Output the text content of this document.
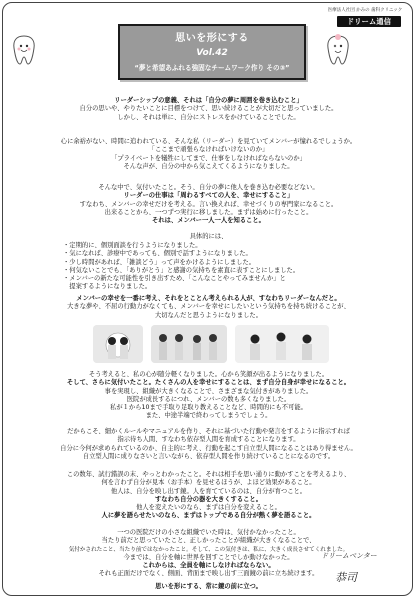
医療法人社団 かみの 歯科クリニック
ドリーム通信
思いを形にする
Vol.42
“夢と希望あふれる強固なチームワーク作り その③”
リーダーシップの意義、それは「自分の夢に周囲を巻き込むこと」
自分の思いや、やりたいことに目標をつけて、思い続けることが大切だと思っていました。
しかし、それは単に、自分にストレスをかけていることでした。
心に余裕がない、時間に追われている、そんな私（リーダー）を見ていてメンバーが憧れるでしょうか。
「ここまで頑張らなければいけないのか」
「プライベートを犠牲にしてまで、仕事をしなければならないのか」
そんな声が、自分の中から気こえてくるようになりました。
そんな中で、気付いたこと。そう、自分の夢に他人を巻き込む必要などない。
リーダーの仕事は「周わるすべての人を、幸せにすること」
すなわち、メンバーの幸せだけを考える。言い換えれば、幸せづくりの専門家になること。
出来ることから、一つずつ実行に移しました。まずは始めに行ったこと。
それは、メンバー一人一人を知ること。
具体的には、
・定期的に、個別面談を行うようになりました。
・気になれば、診療中であっても、個別で話すようになりました。
・少し時間があれば、「雑談どう」って声をかけるようにしました。
・何気ないことでも、「ありがとう」と感謝の気持ちを素直に表すことにしました。
・メンバーの新たな可能性を引き出すため、「こんなことやってみませんか」と
　提案するようになりました。
メンバーの幸せを一番に考え、それをとことん考えられる人が、すなわちリーダーなんだと。
大きな夢や、不屈の行動力がなくても、メンバーを幸せにしたいという気持ちを持ち続けることが、
大切なんだと思うようになりました。
そう考えると、私の心が随分軽くなりました。心から笑顔が出るようになりました。
そして、さらに気付いたこと。たくさんの人を幸せにすることは、まず自分自身が幸せになること。
事を実現し、組織が大きくなることで、さまざまな気付きがありました。
医院が成長するにつれ、メンバーの数も多くなりました。
私が１から10まで手取り足取り教えることなど、時間的にも不可能。
また、中途半端で終わってしまうでしょう。
だからこそ、細かくルールやマニュアルを作り、それに基づいた行動や発言をするように指示すれば
指示待ち人間、すなわち依存型人間を育成することになります。
自分に今何が求められているのか、自主的に考え、行動を起こす自立型人間になることはあり得ません。
自立型人間に成りなさいと言いながら、依存型人間を作り続けていることになるのです。
この数年、試行錯誤の末、やっとわかったこと。それは相手を思い通りに動かすことを考えるより、
何を言わず自分が見本（お手本）を見せるほうが、よほど効果があること。
他人は、自分を映し出す鏡。人を育てているのは、自分が育つこと。
すなわち自分の器を大きくすること。
他人を変えたいのなら、まずは自分を変えること。
人に夢を語らせたいのなら、まずはトップである自分が熱く夢を語ること。
一つの医院だけの小さな組織でいた時は、気付かなかったこと。
当たり前だと思っていたこと、正しかったことが組織が大きくなることで、
気付かされたこと、当たり前ではなかったこと。そして、この気付きは、私に、大きく成長させてくれました。
今までは、自分を軸に世界を回すことでしか動けなかった。
これからは、全員を軸にしなければならない。
それも正面だけでなく、側面、背面まで映し出す三面鏡の前に立ち続けます。
思いを形にする、常に鏡の前に立つ。
ドリームベンター
恭司
